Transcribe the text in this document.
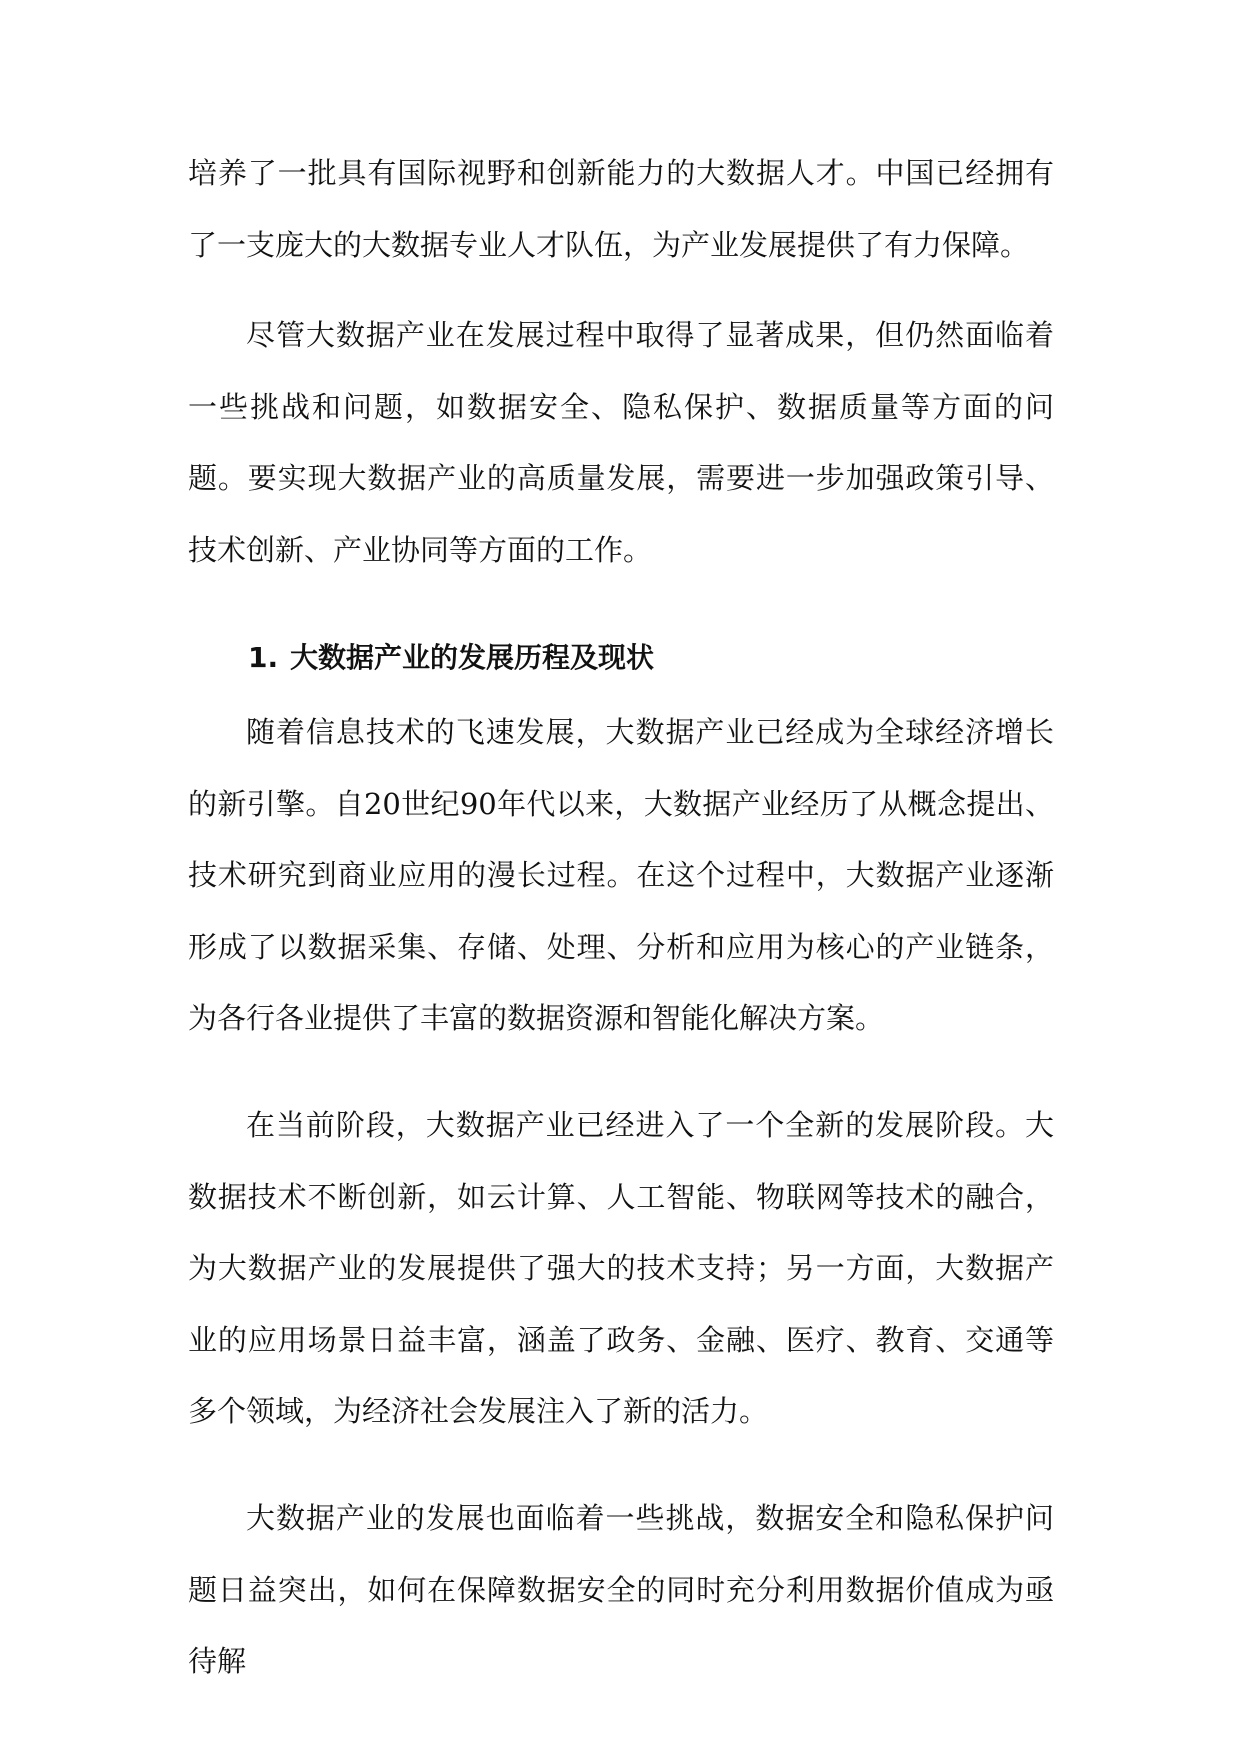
培养了一批具有国际视野和创新能力的大数据人才。中国已经拥有了一支庞大的大数据专业人才队伍，为产业发展提供了有力保障。

尽管大数据产业在发展过程中取得了显著成果，但仍然面临着一些挑战和问题，如数据安全、隐私保护、数据质量等方面的问题。要实现大数据产业的高质量发展，需要进一步加强政策引导、技术创新、产业协同等方面的工作。

1. 大数据产业的发展历程及现状

随着信息技术的飞速发展，大数据产业已经成为全球经济增长的新引擎。自20世纪90年代以来，大数据产业经历了从概念提出、技术研究到商业应用的漫长过程。在这个过程中，大数据产业逐渐形成了以数据采集、存储、处理、分析和应用为核心的产业链条，为各行各业提供了丰富的数据资源和智能化解决方案。

在当前阶段，大数据产业已经进入了一个全新的发展阶段。大数据技术不断创新，如云计算、人工智能、物联网等技术的融合，为大数据产业的发展提供了强大的技术支持；另一方面，大数据产业的应用场景日益丰富，涵盖了政务、金融、医疗、教育、交通等多个领域，为经济社会发展注入了新的活力。

大数据产业的发展也面临着一些挑战，数据安全和隐私保护问题日益突出，如何在保障数据安全的同时充分利用数据价值成为亟待解
